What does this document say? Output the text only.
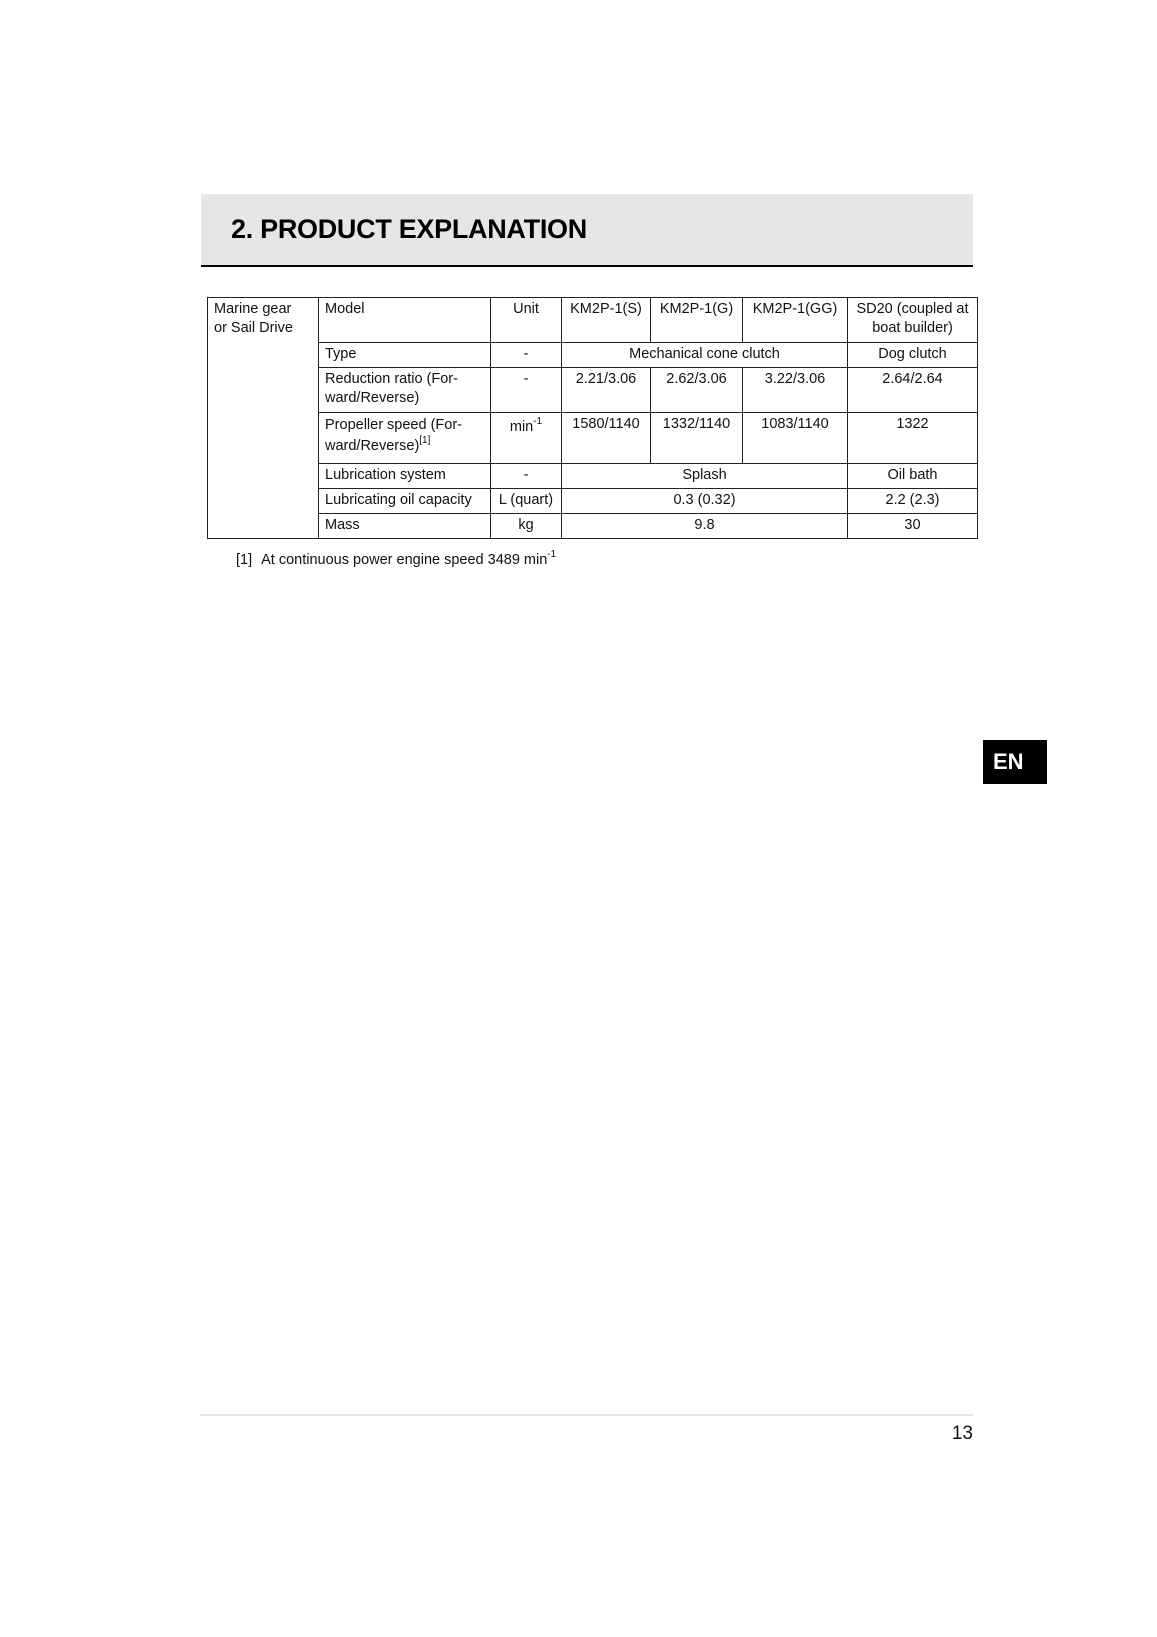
2. PRODUCT EXPLANATION
Marine gear or Sail Drive	Model	Unit	KM2P-1(S)	KM2P-1(G)	KM2P-1(GG)	SD20 (coupled at boat builder)
	Type	-	Mechanical cone clutch			Dog clutch
	Reduction ratio (For-ward/Reverse)	-	2.21/3.06	2.62/3.06	3.22/3.06	2.64/2.64
	Propeller speed (For-ward/Reverse)[1]	$\min^{-1}$	1580/1140	1332/1140	1083/1140	1322
	Lubrication system	-	Splash			Oil bath
	Lubricating oil capacity	L (quart)	0.3 (0.32)			2.2 (2.3)
	Mass	kg	9.8			30
[1] At continuous power engine speed 3489 $\min^{-1}$
EN
13
